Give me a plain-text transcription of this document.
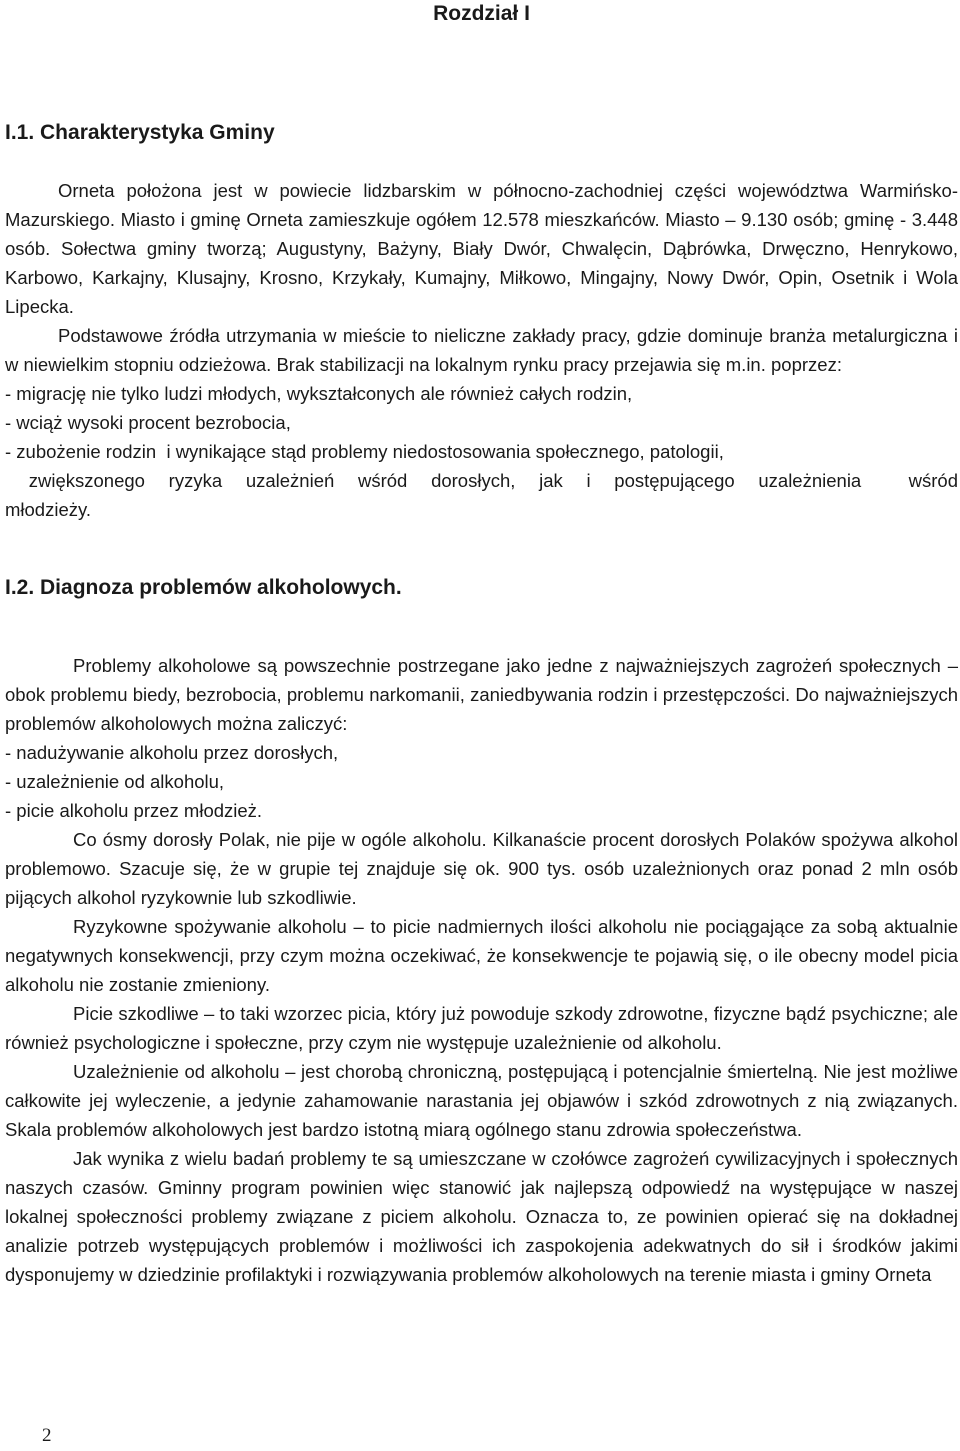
Rozdział I
I.1. Charakterystyka Gminy

Orneta położona jest w powiecie lidzbarskim w północno-zachodniej części województwa Warmińsko-Mazurskiego. Miasto i gminę Orneta zamieszkuje ogółem 12.578 mieszkańców. Miasto – 9.130 osób; gminę - 3.448 osób. Sołectwa gminy tworzą; Augustyny, Bażyny, Biały Dwór, Chwalęcin, Dąbrówka, Drwęczno, Henrykowo, Karbowo, Karkajny, Klusajny, Krosno, Krzykały, Kumajny, Miłkowo, Mingajny, Nowy Dwór, Opin, Osetnik i Wola Lipecka.

Podstawowe źródła utrzymania w mieście to nieliczne zakłady pracy, gdzie dominuje branża metalurgiczna i w niewielkim stopniu odzieżowa. Brak stabilizacji na lokalnym rynku pracy przejawia się m.in. poprzez:

- migrację nie tylko ludzi młodych, wykształconych ale również całych rodzin,
- wciąż wysoki procent bezrobocia,
- zubożenie rodzin  i wynikające stąd problemy niedostosowania społecznego, patologii,
zwiększonego ryzyka uzależnień wśród dorosłych, jak i postępującego uzależnienia  wśród
młodzieży.
I.2. Diagnoza problemów alkoholowych.

Problemy alkoholowe są powszechnie postrzegane jako jedne z najważniejszych zagrożeń społecznych – obok problemu biedy, bezrobocia, problemu narkomanii, zaniedbywania rodzin i przestępczości. Do najważniejszych problemów alkoholowych można zaliczyć:

- nadużywanie alkoholu przez dorosłych,
- uzależnienie od alkoholu,
- picie alkoholu przez młodzież.

Co ósmy dorosły Polak, nie pije w ogóle alkoholu. Kilkanaście procent dorosłych Polaków spożywa alkohol problemowo. Szacuje się, że w grupie tej znajduje się ok. 900 tys. osób uzależnionych oraz ponad 2 mln osób pijących alkohol ryzykownie lub szkodliwie.

Ryzykowne spożywanie alkoholu – to picie nadmiernych ilości alkoholu nie pociągające za sobą aktualnie negatywnych konsekwencji, przy czym można oczekiwać, że konsekwencje te pojawią się, o ile obecny model picia alkoholu nie zostanie zmieniony.

Picie szkodliwe – to taki wzorzec picia, który już powoduje szkody zdrowotne, fizyczne bądź psychiczne; ale również psychologiczne i społeczne, przy czym nie występuje uzależnienie od alkoholu.

Uzależnienie od alkoholu – jest chorobą chroniczną, postępującą i potencjalnie śmiertelną. Nie jest możliwe całkowite jej wyleczenie, a jedynie zahamowanie narastania jej objawów i szkód zdrowotnych z nią związanych. Skala problemów alkoholowych jest bardzo istotną miarą ogólnego stanu zdrowia społeczeństwa.

Jak wynika z wielu badań problemy te są umieszczane w czołówce zagrożeń cywilizacyjnych i społecznych naszych czasów. Gminny program powinien więc stanowić jak najlepszą odpowiedź na występujące w naszej lokalnej społeczności problemy związane z piciem alkoholu. Oznacza to, ze powinien opierać się na dokładnej analizie potrzeb występujących problemów i możliwości ich zaspokojenia adekwatnych do sił i środków jakimi dysponujemy w dziedzinie profilaktyki i rozwiązywania problemów alkoholowych na terenie miasta i gminy Orneta

2
